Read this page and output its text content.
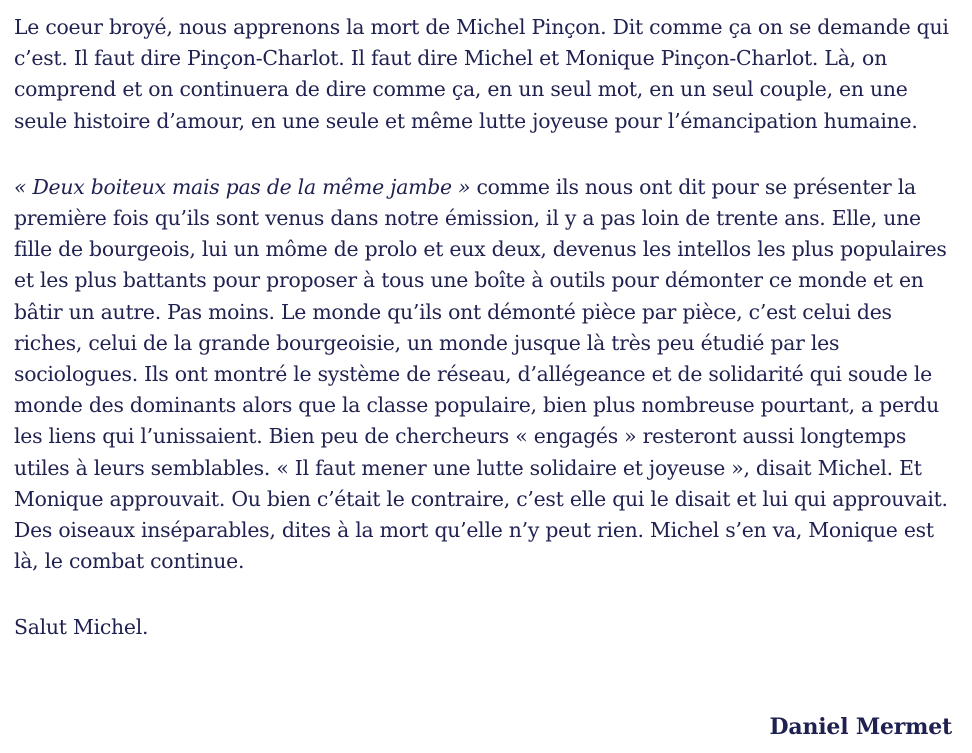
Le coeur broyé, nous apprenons la mort de Michel Pinçon. Dit comme ça on se demande qui c’est. Il faut dire Pinçon-Charlot. Il faut dire Michel et Monique Pinçon-Charlot. Là, on comprend et on continuera de dire comme ça, en un seul mot, en un seul couple, en une seule histoire d’amour, en une seule et même lutte joyeuse pour l’émancipation humaine.

« Deux boiteux mais pas de la même jambe » comme ils nous ont dit pour se présenter la première fois qu’ils sont venus dans notre émission, il y a pas loin de trente ans. Elle, une fille de bourgeois, lui un môme de prolo et eux deux, devenus les intellos les plus populaires et les plus battants pour proposer à tous une boîte à outils pour démonter ce monde et en bâtir un autre. Pas moins. Le monde qu’ils ont démonté pièce par pièce, c’est celui des riches, celui de la grande bourgeoisie, un monde jusque là très peu étudié par les sociologues. Ils ont montré le système de réseau, d’allégeance et de solidarité qui soude le monde des dominants alors que la classe populaire, bien plus nombreuse pourtant, a perdu les liens qui l’unissaient. Bien peu de chercheurs « engagés » resteront aussi longtemps utiles à leurs semblables. « Il faut mener une lutte solidaire et joyeuse », disait Michel. Et Monique approuvait. Ou bien c’était le contraire, c’est elle qui le disait et lui qui approuvait. Des oiseaux inséparables, dites à la mort qu’elle n’y peut rien. Michel s’en va, Monique est là, le combat continue.

Salut Michel.

Daniel Mermet
